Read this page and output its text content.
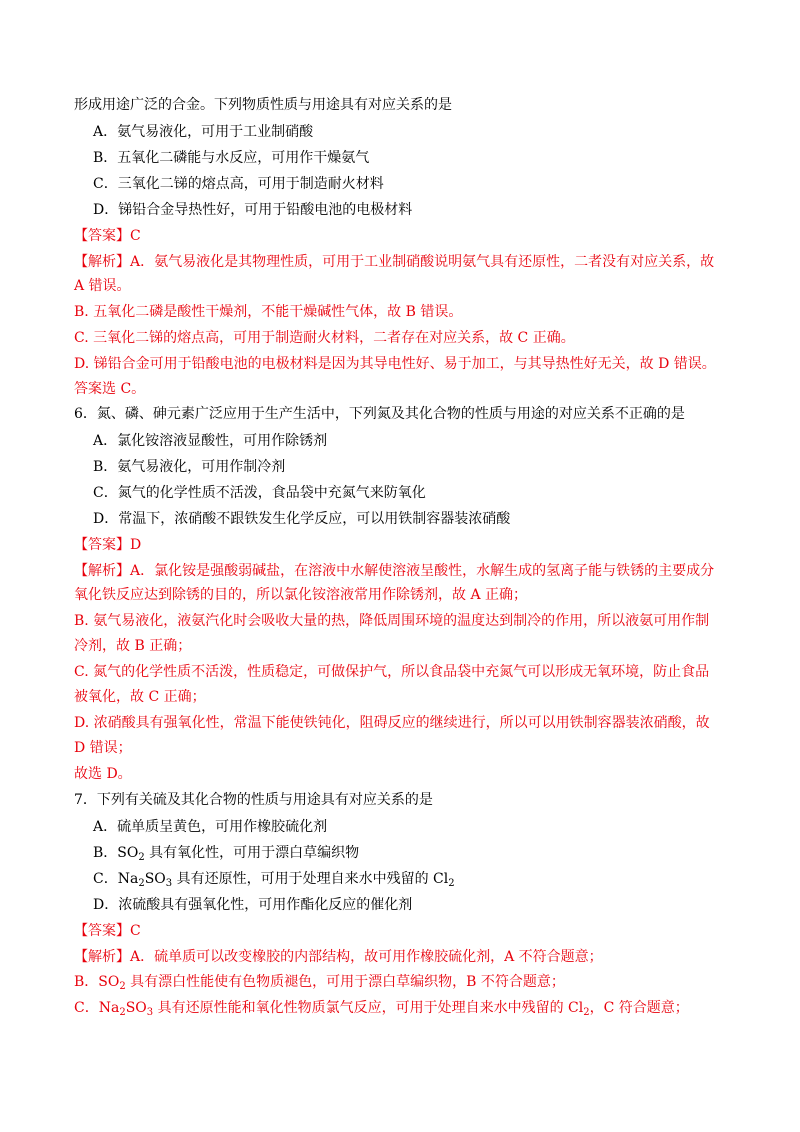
形成用途广泛的合金。下列物质性质与用途具有对应关系的是
A．氨气易液化，可用于工业制硝酸
B．五氧化二磷能与水反应，可用作干燥氨气
C．三氧化二锑的熔点高，可用于制造耐火材料
D．锑铅合金导热性好，可用于铅酸电池的电极材料
【答案】C
【解析】A．氨气易液化是其物理性质，可用于工业制硝酸说明氨气具有还原性，二者没有对应关系，故
A 错误。
B. 五氧化二磷是酸性干燥剂，不能干燥碱性气体，故 B 错误。
C. 三氧化二锑的熔点高，可用于制造耐火材料，二者存在对应关系，故 C 正确。
D. 锑铅合金可用于铅酸电池的电极材料是因为其导电性好、易于加工，与其导热性好无关，故 D 错误。
答案选 C。
6．氮、磷、砷元素广泛应用于生产生活中，下列氮及其化合物的性质与用途的对应关系不正确的是
A．氯化铵溶液显酸性，可用作除锈剂
B．氨气易液化，可用作制冷剂
C．氮气的化学性质不活泼，食品袋中充氮气来防氧化
D．常温下，浓硝酸不跟铁发生化学反应，可以用铁制容器装浓硝酸
【答案】D
【解析】A．氯化铵是强酸弱碱盐，在溶液中水解使溶液呈酸性，水解生成的氢离子能与铁锈的主要成分
氧化铁反应达到除锈的目的，所以氯化铵溶液常用作除锈剂，故 A 正确；
B. 氨气易液化，液氨汽化时会吸收大量的热，降低周围环境的温度达到制冷的作用，所以液氨可用作制
冷剂，故 B 正确；
C. 氮气的化学性质不活泼，性质稳定，可做保护气，所以食品袋中充氮气可以形成无氧环境，防止食品
被氧化，故 C 正确；
D. 浓硝酸具有强氧化性，常温下能使铁钝化，阻碍反应的继续进行，所以可以用铁制容器装浓硝酸，故
D 错误；
故选 D。
7．下列有关硫及其化合物的性质与用途具有对应关系的是
A．硫单质呈黄色，可用作橡胶硫化剂
B．$SO_2$ 具有氧化性，可用于漂白草编织物
C．$Na_2SO_3$ 具有还原性，可用于处理自来水中残留的 $Cl_2$
D．浓硫酸具有强氧化性，可用作酯化反应的催化剂
【答案】C
【解析】A．硫单质可以改变橡胶的内部结构，故可用作橡胶硫化剂，A 不符合题意；
B．$SO_2$ 具有漂白性能使有色物质褪色，可用于漂白草编织物，B 不符合题意；
C．$Na_2SO_3$ 具有还原性能和氧化性物质氯气反应，可用于处理自来水中残留的 $Cl_2$，C 符合题意；
